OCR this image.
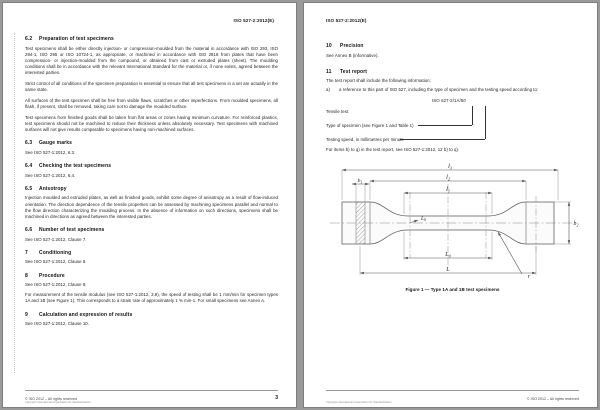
ISO 527-2:2012(E)
6.2 Preparation of test specimens

Test specimens shall be either directly injection- or compression-moulded from the material in accordance with ISO 293, ISO 294-1, ISO 295 or ISO 10724-1, as appropriate, or machined in accordance with ISO 2818 from plates that have been compression- or injection-moulded from the compound, or obtained from cast or extruded plates (sheet). The moulding conditions shall be in accordance with the relevant International Standard for the material or, if none exists, agreed between the interested parties.

Strict control of all conditions of the specimen preparation is essential to ensure that all test specimens in a set are actually in the same state.

All surfaces of the test specimen shall be free from visible flaws, scratches or other imperfections. From moulded specimens, all flash, if present, shall be removed, taking care not to damage the moulded surface.

Test specimens from finished goods shall be taken from flat areas or zones having minimum curvature. For reinforced plastics, test specimens should not be machined to reduce their thickness unless absolutely necessary. Test specimens with machined surfaces will not give results comparable to specimens having non-machined surfaces.

6.3 Gauge marks

See ISO 527-1:2012, 6.3.

6.4 Checking the test specimens

See ISO 527-1:2012, 6.4.

6.5 Anisotropy

Injection moulded and extruded plates, as well as finished goods, exhibit some degree of anisotropy as a result of flow-induced orientation. The direction dependence of the tensile properties can be assessed by machining specimens parallel and normal to the flow direction characterizing the moulding process. In the absence of information on such directions, specimens shall be machined in directions as agreed between the interested parties.

6.6 Number of test specimens

See ISO 527-1:2012, Clause 7.

7 Conditioning

See ISO 527-1:2012, Clause 8.

8 Procedure

See ISO 527-1:2012, Clause 9.

For measurement of the tensile modulus (see ISO 527-1:2012, 3.9), the speed of testing shall be 1 mm/min for specimen types 1A and 1B (see Figure 1). This corresponds to a strain rate of approximately 1 % min-1. For small specimens see Annex A.

9 Calculation and expression of results

See ISO 527-1:2012, Clause 10.

© ISO 2012 – All rights reserved	3
Copyright International Organization for Standardization
ISO 527-2:2012(E)
10 Precision

See Annex B (informative).

11 Test report

The test report shall include the following information:

a)	a reference to this part of ISO 527, including the type of specimen and the testing speed according to:
ISO 527-2/1A/50
Tensile test
Type of specimen (see Figure 1 and Table 1)
Testing speed, in millimetres per minute

For items b) to q) in the test report, see ISO 527-1:2012, 12 b) to q).

$l_3$
$l_2$
$l_1$
$b_1$
$b_2$
$L_0$
$L_0$
L
r
Figure 1 — Type 1A and 1B test specimens
© ISO 2012 – All rights reserved
Copyright International Organization for Standardization
